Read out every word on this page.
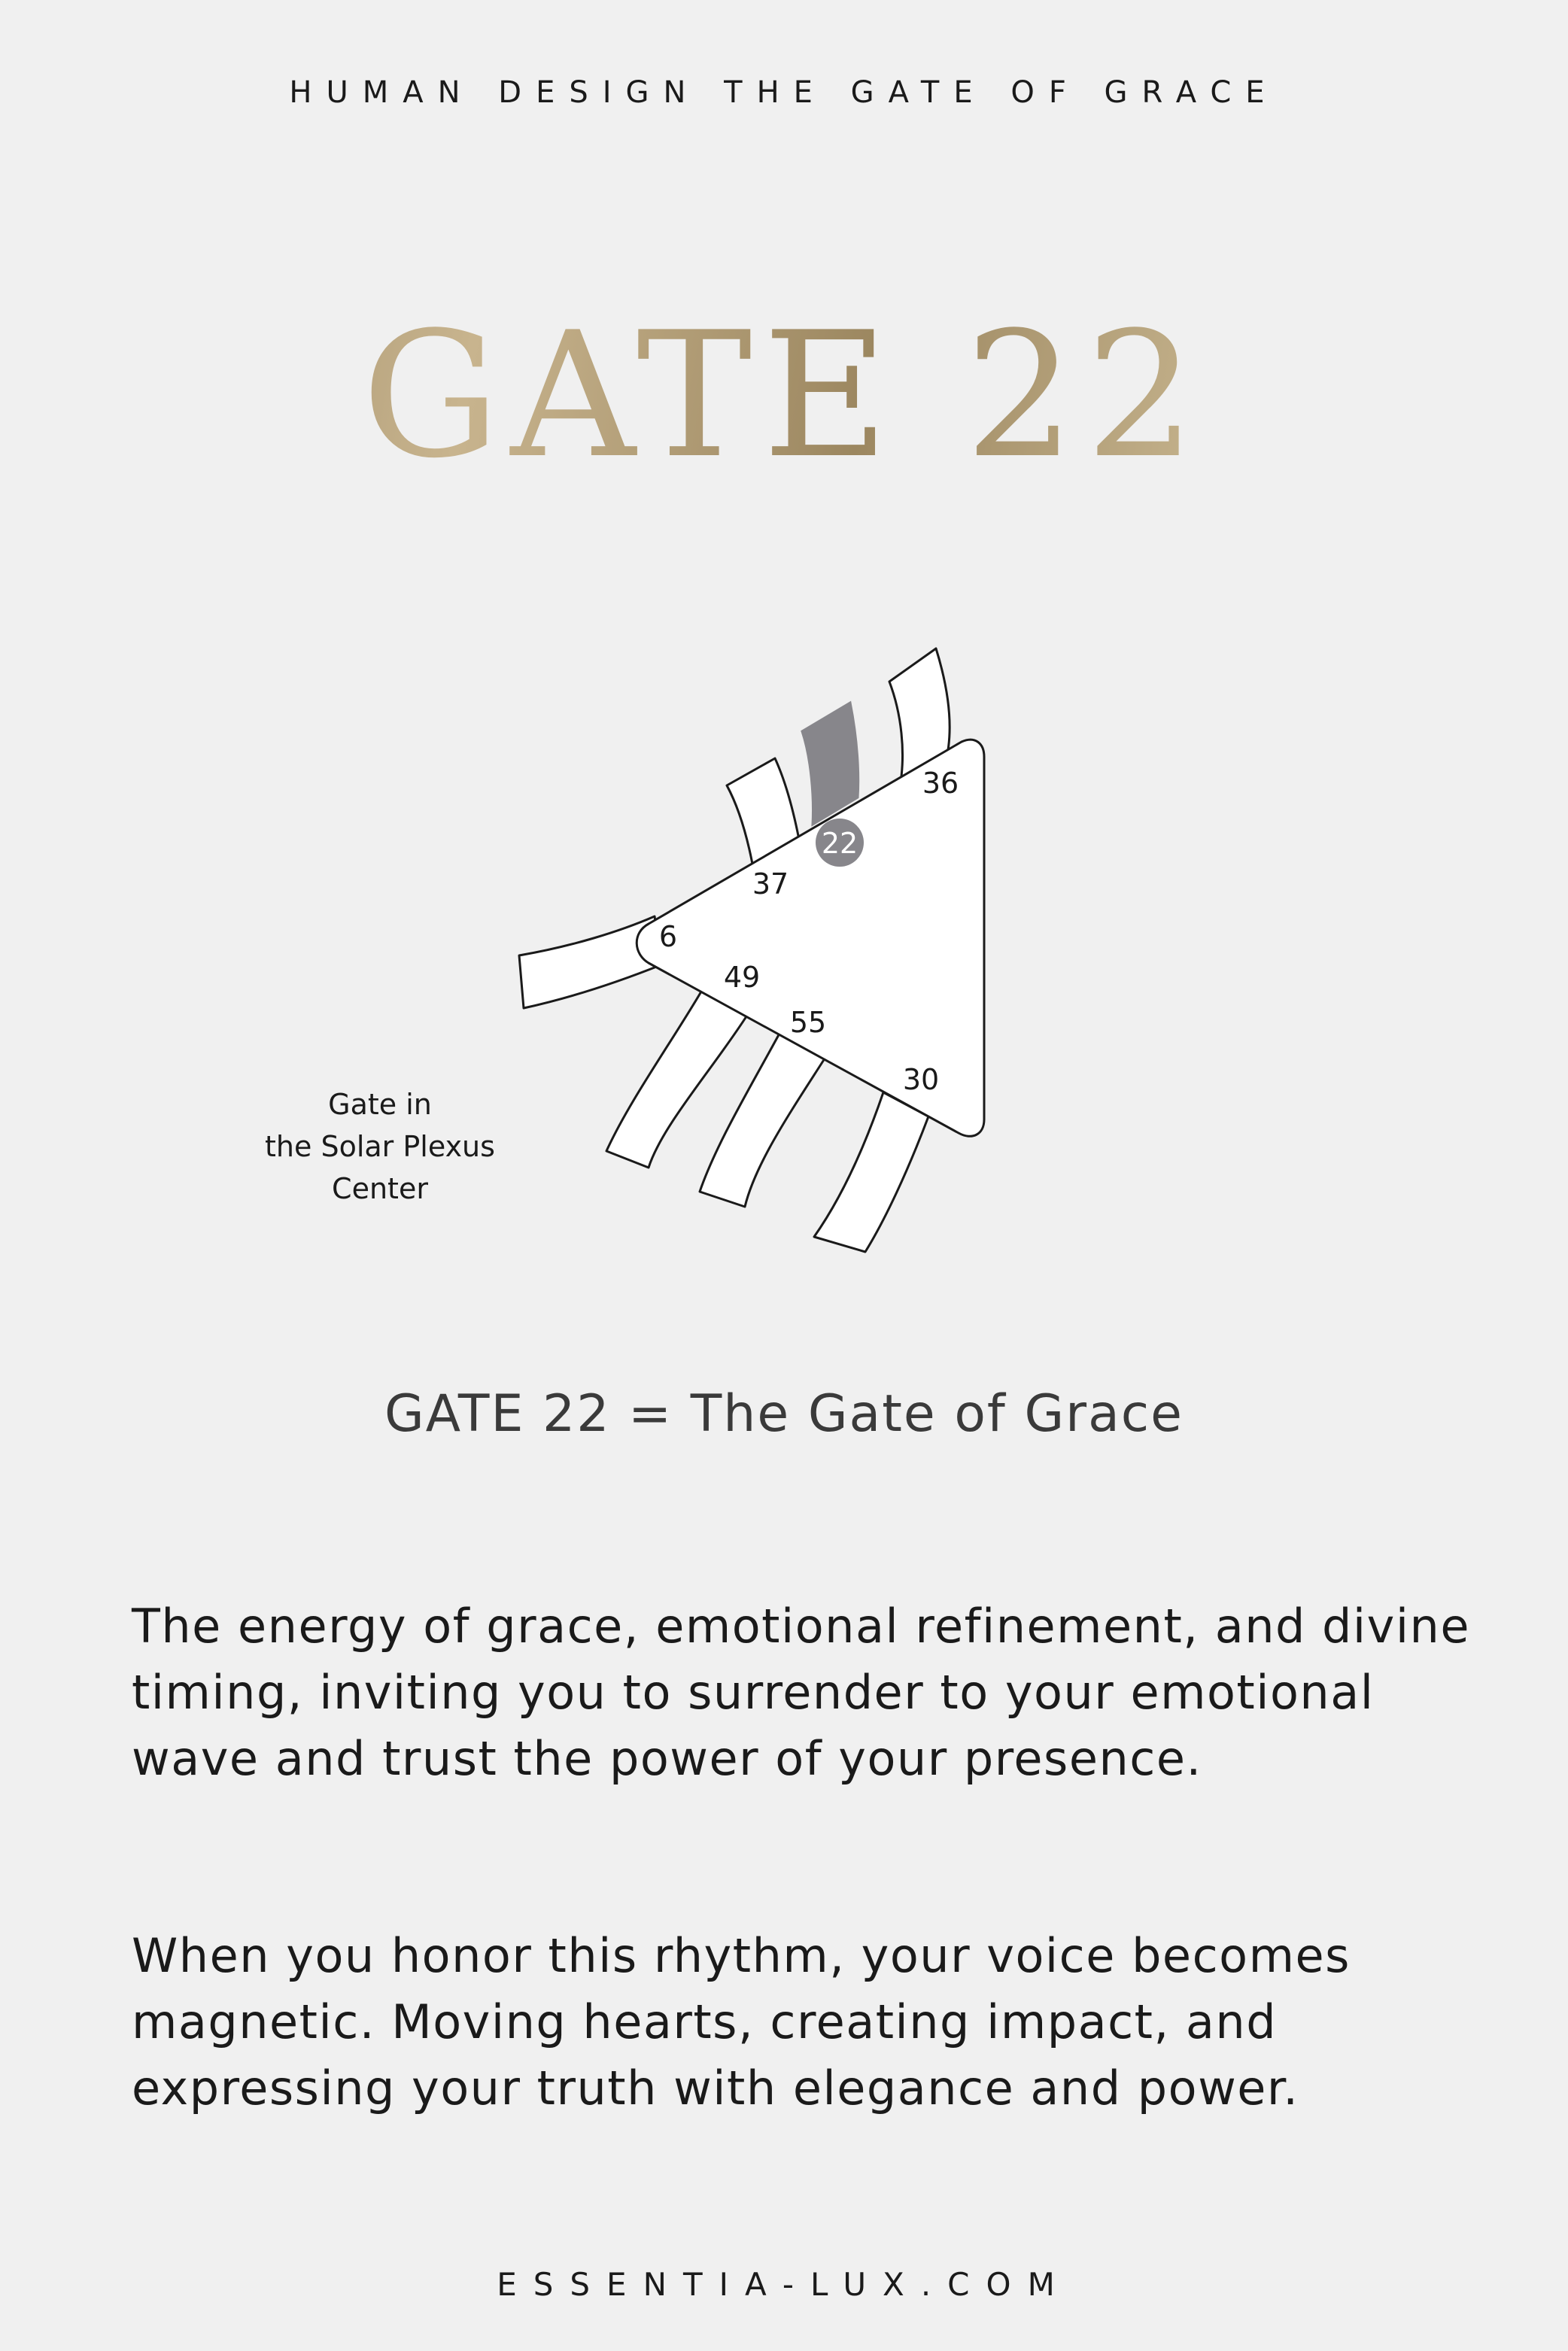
HUMAN DESIGN THE GATE OF GRACE
GATE 22
22
36
37
6
49
55
30
Gate in
the Solar Plexus
Center
GATE 22 = The Gate of Grace

The energy of grace, emotional refinement, and divine timing, inviting you to surrender to your emotional wave and trust the power of your presence.

When you honor this rhythm, your voice becomes magnetic. Moving hearts, creating impact, and expressing your truth with elegance and power.

ESSENTIA-LUX.COM
